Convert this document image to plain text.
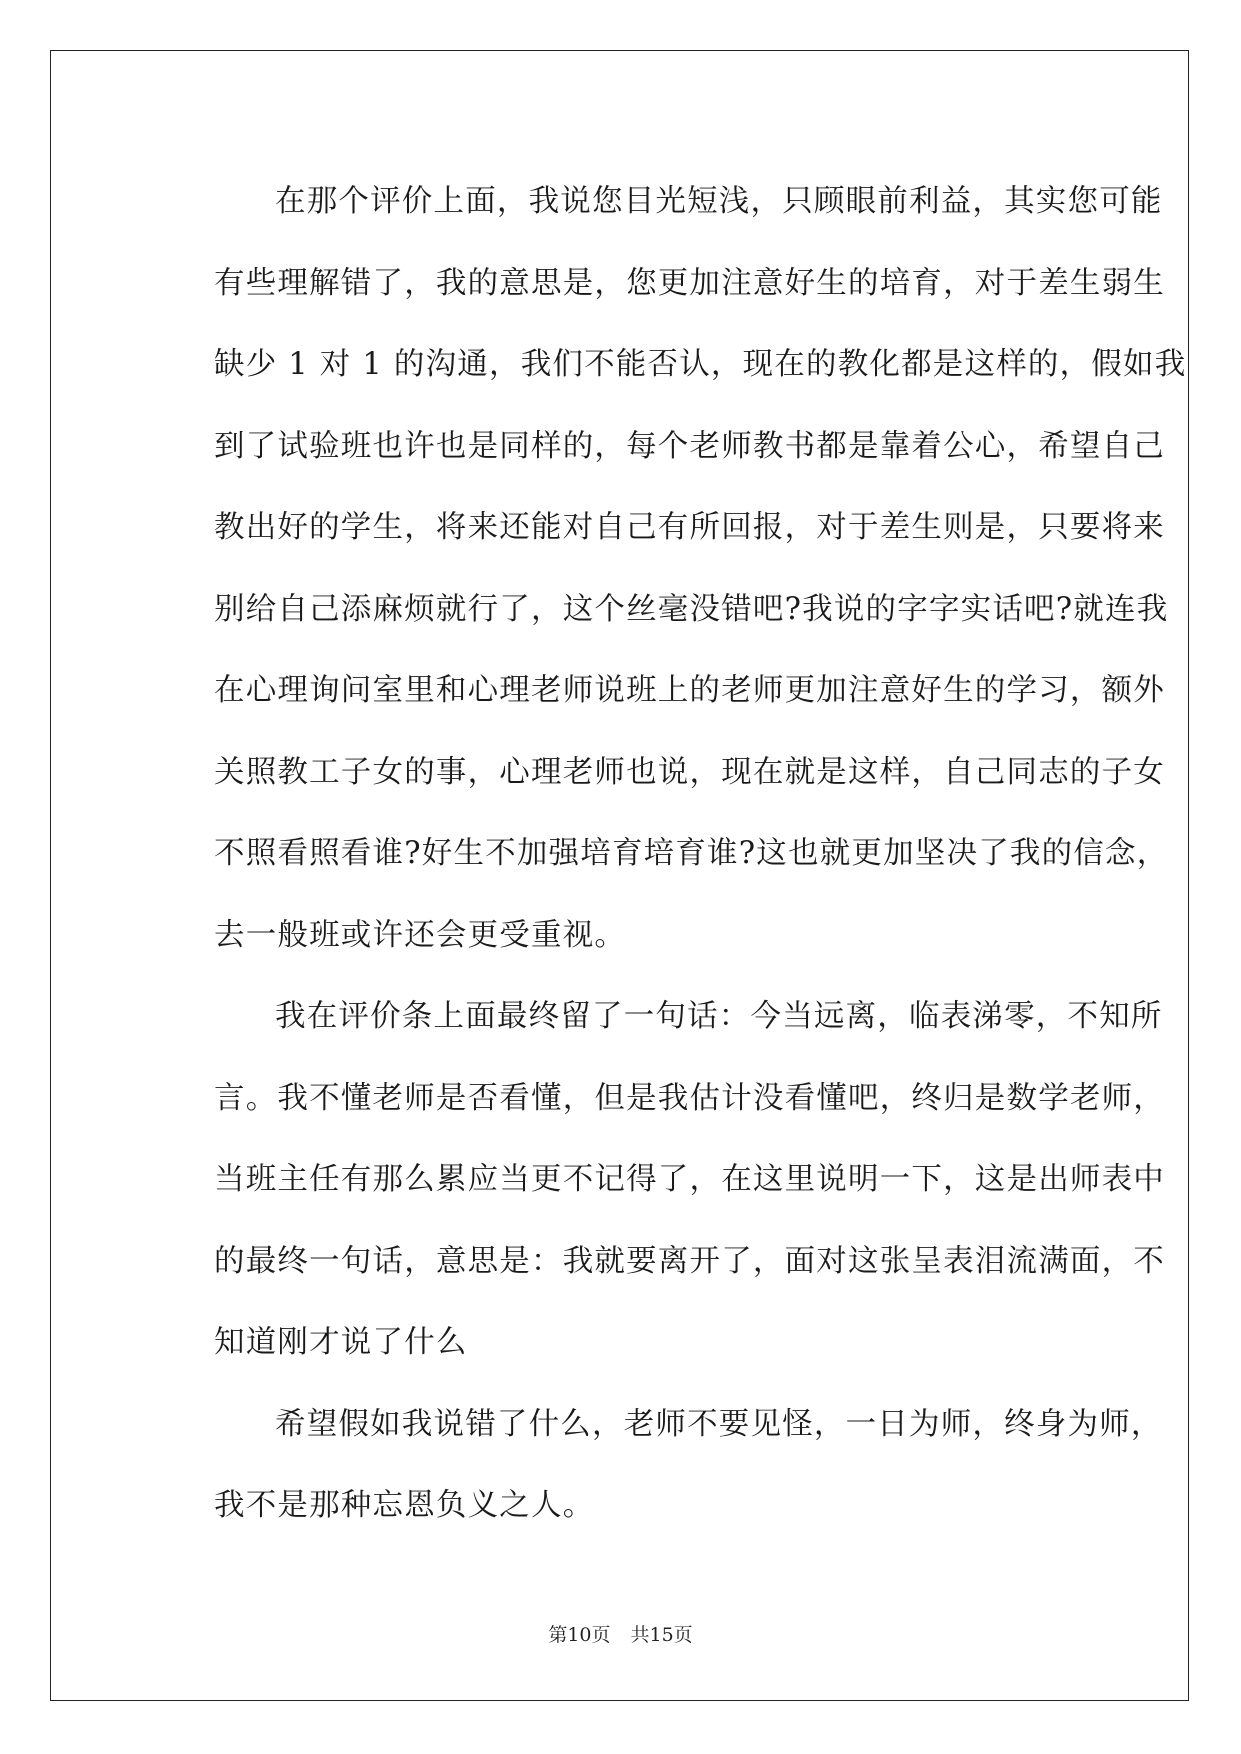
在那个评价上面，我说您目光短浅，只顾眼前利益，其实您可能
有些理解错了，我的意思是，您更加注意好生的培育，对于差生弱生
缺少 1 对 1 的沟通，我们不能否认，现在的教化都是这样的，假如我
到了试验班也许也是同样的，每个老师教书都是靠着公心，希望自己
教出好的学生，将来还能对自己有所回报，对于差生则是，只要将来
别给自己添麻烦就行了，这个丝毫没错吧?我说的字字实话吧?就连我
在心理询问室里和心理老师说班上的老师更加注意好生的学习，额外
关照教工子女的事，心理老师也说，现在就是这样，自己同志的子女
不照看照看谁?好生不加强培育培育谁?这也就更加坚决了我的信念，
去一般班或许还会更受重视。
我在评价条上面最终留了一句话：今当远离，临表涕零，不知所
言。我不懂老师是否看懂，但是我估计没看懂吧，终归是数学老师，
当班主任有那么累应当更不记得了，在这里说明一下，这是出师表中
的最终一句话，意思是：我就要离开了，面对这张呈表泪流满面，不
知道刚才说了什么
希望假如我说错了什么，老师不要见怪，一日为师，终身为师，
我不是那种忘恩负义之人。
第10页 共15页
